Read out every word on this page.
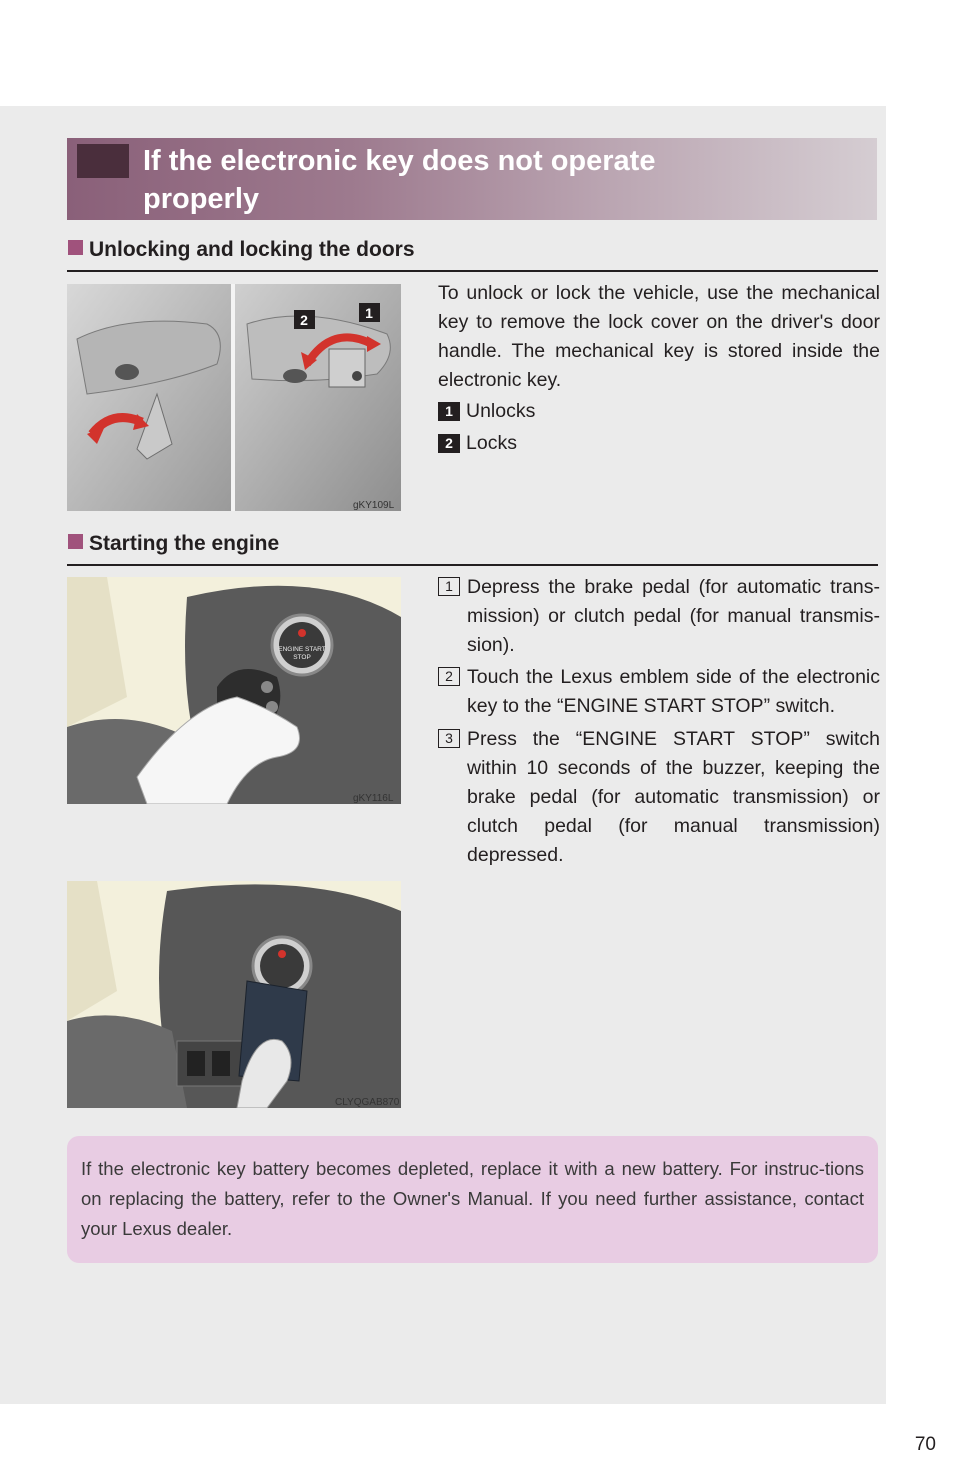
If the electronic key does not operate
properly
Unlocking and locking the doors
2	1
gKY109L
To unlock or lock the vehicle, use the mechanical key to remove the lock cover on the driver's door handle. The mechanical key is stored inside the electronic key.
1 Unlocks
2 Locks
Starting the engine
ENGINE START
STOP
gKY116L
1 Depress the brake pedal (for automatic trans-mission) or clutch pedal (for manual transmis-sion).
2 Touch the Lexus emblem side of the electronic key to the “ENGINE START STOP” switch.
3 Press the “ENGINE START STOP” switch within 10 seconds of the buzzer, keeping the brake pedal (for automatic transmission) or clutch pedal (for manual transmission) depressed.
CLYQGAB870
If the electronic key battery becomes depleted, replace it with a new battery. For instruc-tions on replacing the battery, refer to the Owner's Manual. If you need further assistance, contact your Lexus dealer.
70
